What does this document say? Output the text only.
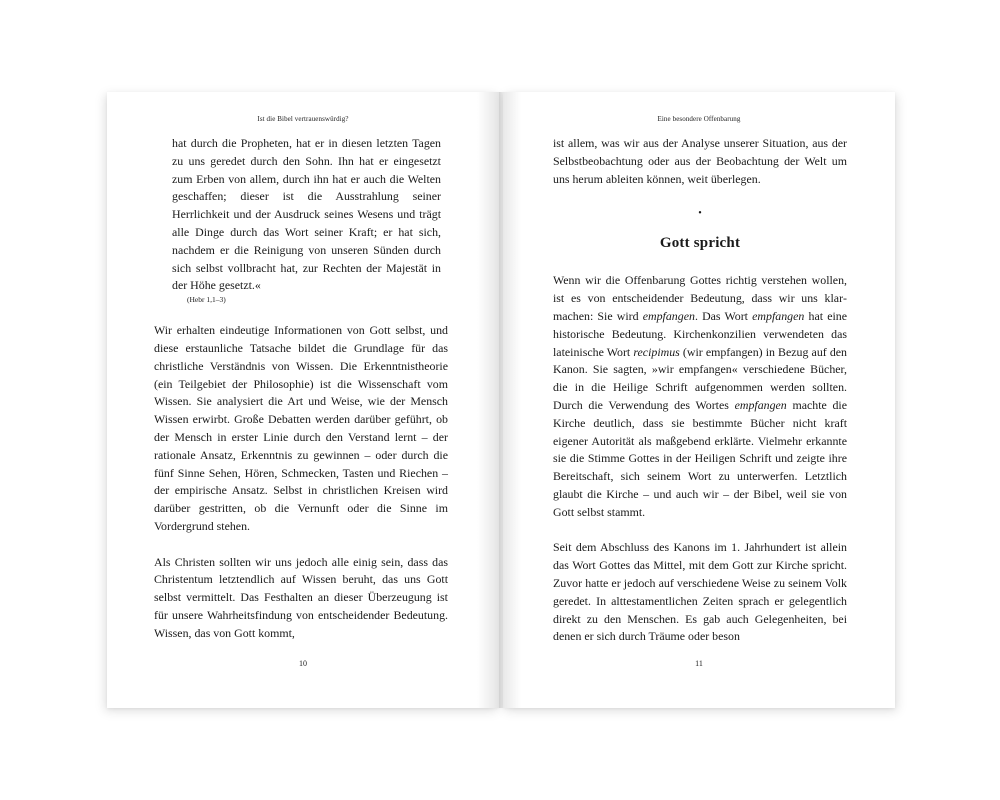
Ist die Bibel vertrauenswürdig?

hat durch die Propheten, hat er in diesen letzten Tagen zu uns geredet durch den Sohn. Ihn hat er eingesetzt zum Erben von allem, durch ihn hat er auch die Welten geschaffen; dieser ist die Ausstrahlung seiner Herrlichkeit und der Ausdruck seines Wesens und trägt alle Dinge durch das Wort seiner Kraft; er hat sich, nachdem er die Reinigung von unseren Sünden durch sich selbst vollbracht hat, zur Rechten der Majestät in der Höhe gesetzt.«

(Hebr 1,1–3)

Wir erhalten eindeutige Informationen von Gott selbst, und diese erstaunliche Tatsache bildet die Grundlage für das christliche Verständnis von Wissen. Die Erkenntnistheorie (ein Teilgebiet der Philosophie) ist die Wissenschaft vom Wissen. Sie analysiert die Art und Weise, wie der Mensch Wissen erwirbt. Große Debatten werden darüber geführt, ob der Mensch in erster Linie durch den Verstand lernt – der rationale Ansatz, Erkenntnis zu gewinnen – oder durch die fünf Sinne Sehen, Hören, Schmecken, Tasten und Riechen – der empirische Ansatz. Selbst in christlichen Kreisen wird darüber gestritten, ob die Vernunft oder die Sinne im Vordergrund stehen.

Als Christen sollten wir uns jedoch alle einig sein, dass das Christentum letztendlich auf Wissen beruht, das uns Gott selbst vermittelt. Das Festhalten an dieser Überzeugung ist für unsere Wahrheitsfindung von entscheidender Bedeutung. Wissen, das von Gott kommt,

10
Eine besondere Offenbarung

ist allem, was wir aus der Analyse unserer Situation, aus der Selbstbeobachtung oder aus der Beobachtung der Welt um uns herum ableiten können, weit überlegen.

•
Gott spricht

Wenn wir die Offenbarung Gottes richtig verstehen wollen, ist es von entscheidender Bedeutung, dass wir uns klarmachen: Sie wird empfangen. Das Wort empfangen hat eine historische Bedeutung. Kirchenkonzilien verwendeten das lateinische Wort recipimus (wir empfangen) in Bezug auf den Kanon. Sie sagten, »wir empfangen« verschiedene Bücher, die in die Heilige Schrift aufgenommen werden sollten. Durch die Verwendung des Wortes empfangen machte die Kirche deutlich, dass sie bestimmte Bücher nicht kraft eigener Autorität als maßgebend erklärte. Vielmehr erkannte sie die Stimme Gottes in der Heiligen Schrift und zeigte ihre Bereitschaft, sich seinem Wort zu unterwerfen. Letztlich glaubt die Kirche – und auch wir – der Bibel, weil sie von Gott selbst stammt.

Seit dem Abschluss des Kanons im 1. Jahrhundert ist allein das Wort Gottes das Mittel, mit dem Gott zur Kirche spricht. Zuvor hatte er jedoch auf verschiedene Weise zu seinem Volk geredet. In alttestamentlichen Zeiten sprach er gelegentlich direkt zu den Menschen. Es gab auch Gelegenheiten, bei denen er sich durch Träume oder beson

11
